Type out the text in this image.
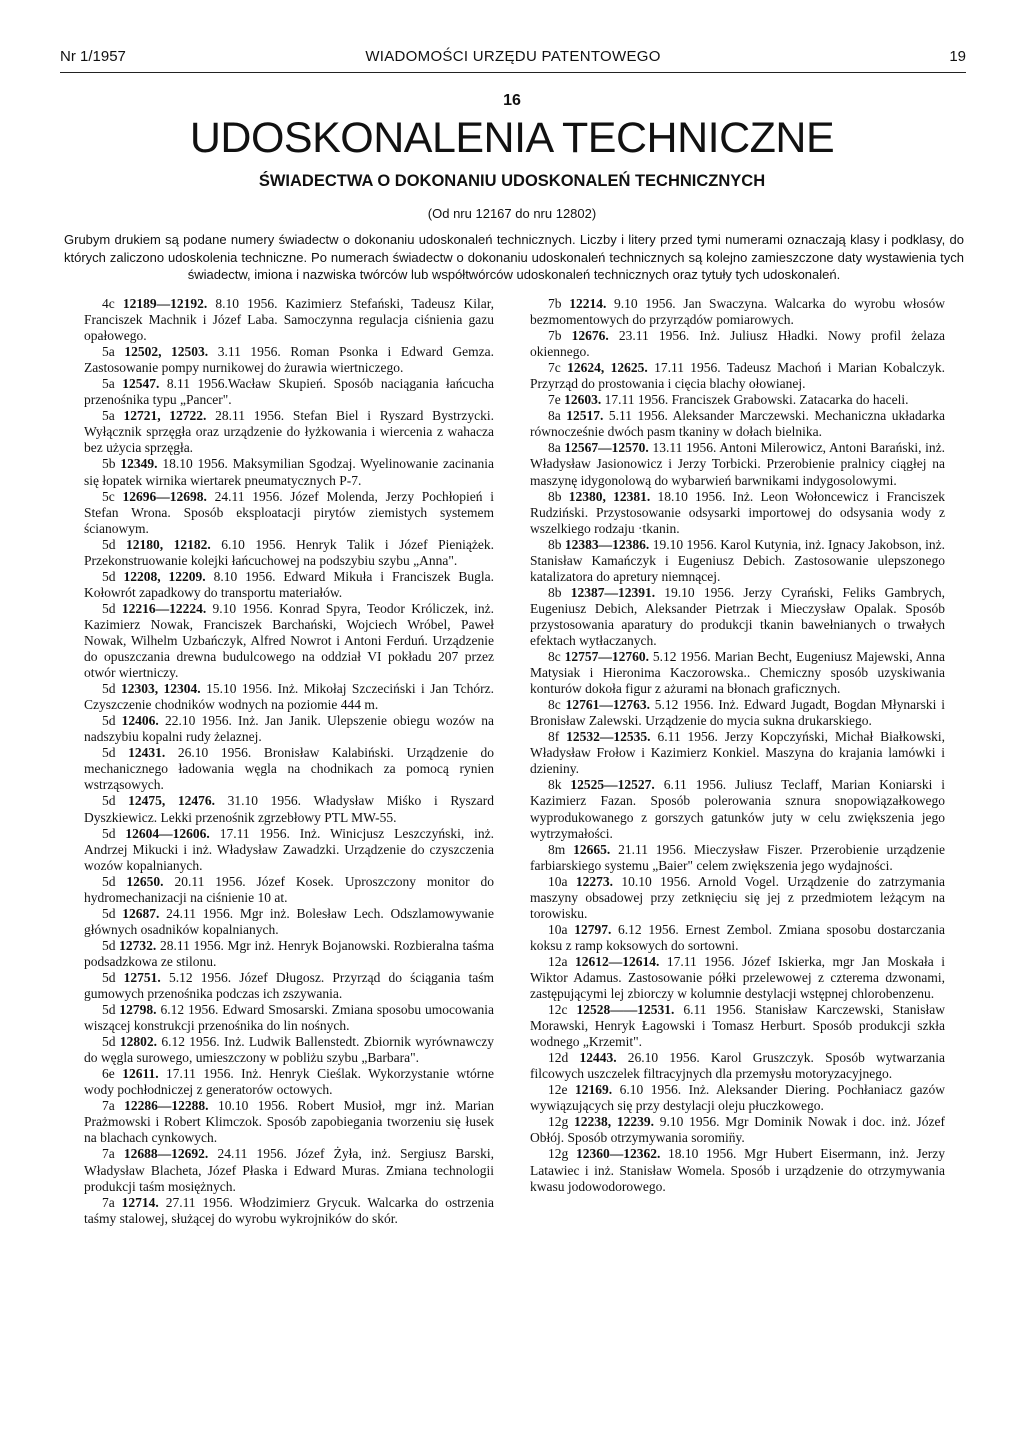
Nr 1/1957	WIADOMOŚCI URZĘDU PATENTOWEGO	19
16
UDOSKONALENIA TECHNICZNE
ŚWIADECTWA O DOKONANIU UDOSKONALEŃ TECHNICZNYCH
(Od nru 12167 do nru 12802)
Grubym drukiem są podane numery świadectw o dokonaniu udoskonaleń technicznych. Liczby i litery przed tymi numerami oznaczają klasy i podklasy, do których zaliczono udoskolenia techniczne. Po numerach świadectw o dokonaniu udoskonaleń technicznych są kolejno zamieszczone daty wystawienia tych świadectw, imiona i nazwiska twórców lub współtwórców udoskonaleń technicznych oraz tytuły tych udoskonaleń.

4c 12189—12192. 8.10 1956. Kazimierz Stefański, Tadeusz Kilar, Franciszek Machnik i Józef Laba. Samoczynna regulacja ciśnienia gazu opałowego.

5a 12502, 12503. 3.11 1956. Roman Psonka i Edward Gemza. Zastosowanie pompy nurnikowej do żurawia wiertniczego.

5a 12547. 8.11 1956.Wacław Skupień. Sposób naciągania łańcucha przenośnika typu „Pancer".

5a 12721, 12722. 28.11 1956. Stefan Biel i Ryszard Bystrzycki. Wyłącznik sprzęgła oraz urządzenie do łyżkowania i wiercenia z wahacza bez użycia sprzęgła.

5b 12349. 18.10 1956. Maksymilian Sgodzaj. Wyelinowanie zacinania się łopatek wirnika wiertarek pneumatycznych P-7.

5c 12696—12698. 24.11 1956. Józef Molenda, Jerzy Pochłopień i Stefan Wrona. Sposób eksploatacji pirytów ziemistych systemem ścianowym.

5d 12180, 12182. 6.10 1956. Henryk Talik i Józef Pieniążek. Przekonstruowanie kolejki łańcuchowej na podszybiu szybu „Anna".

5d 12208, 12209. 8.10 1956. Edward Mikuła i Franciszek Bugla. Kołowrót zapadkowy do transportu materiałów.

5d 12216—12224. 9.10 1956. Konrad Spyra, Teodor Króliczek, inż. Kazimierz Nowak, Franciszek Barchański, Wojciech Wróbel, Paweł Nowak, Wilhelm Uzbańczyk, Alfred Nowrot i Antoni Ferduń. Urządzenie do opuszczania drewna budulcowego na oddział VI pokładu 207 przez otwór wiertniczy.

5d 12303, 12304. 15.10 1956. Inż. Mikołaj Szczeciński i Jan Tchórz. Czyszczenie chodników wodnych na poziomie 444 m.

5d 12406. 22.10 1956. Inż. Jan Janik. Ulepszenie obiegu wozów na nadszybiu kopalni rudy żelaznej.

5d 12431. 26.10 1956. Bronisław Kalabiński. Urządzenie do mechanicznego ładowania węgla na chodnikach za pomocą rynien wstrząsowych.

5d 12475, 12476. 31.10 1956. Władysław Miśko i Ryszard Dyszkiewicz. Lekki przenośnik zgrzebłowy PTL MW-55.

5d 12604—12606. 17.11 1956. Inż. Winicjusz Leszczyński, inż. Andrzej Mikucki i inż. Władysław Zawadzki. Urządzenie do czyszczenia wozów kopalnianych.

5d 12650. 20.11 1956. Józef Kosek. Uproszczony monitor do hydromechanizacji na ciśnienie 10 at.

5d 12687. 24.11 1956. Mgr inż. Bolesław Lech. Odszlamowywanie głównych osadników kopalnianych.

5d 12732. 28.11 1956. Mgr inż. Henryk Bojanowski. Rozbieralna taśma podsadzkowa ze stilonu.

5d 12751. 5.12 1956. Józef Długosz. Przyrząd do ściągania taśm gumowych przenośnika podczas ich zszywania.

5d 12798. 6.12 1956. Edward Smosarski. Zmiana sposobu umocowania wiszącej konstrukcji przenośnika do lin nośnych.

5d 12802. 6.12 1956. Inż. Ludwik Ballenstedt. Zbiornik wyrównawczy do węgla surowego, umieszczony w pobliżu szybu „Barbara".

6e 12611. 17.11 1956. Inż. Henryk Cieślak. Wykorzystanie wtórne wody pochłodniczej z generatorów octowych.

7a 12286—12288. 10.10 1956. Robert Musioł, mgr inż. Marian Prażmowski i Robert Klimczok. Sposób zapobiegania tworzeniu się łusek na blachach cynkowych.

7a 12688—12692. 24.11 1956. Józef Żyła, inż. Sergiusz Barski, Władysław Blacheta, Józef Płaska i Edward Muras. Zmiana technologii produkcji taśm mosiężnych.

7a 12714. 27.11 1956. Włodzimierz Grycuk. Walcarka do ostrzenia taśmy stalowej, służącej do wyrobu wykrojników do skór.

7b 12214. 9.10 1956. Jan Swaczyna. Walcarka do wyrobu włosów bezmomentowych do przyrządów pomiarowych.

7b 12676. 23.11 1956. Inż. Juliusz Hładki. Nowy profil żelaza okiennego.

7c 12624, 12625. 17.11 1956. Tadeusz Machoń i Marian Kobalczyk. Przyrząd do prostowania i cięcia blachy ołowianej.

7e 12603. 17.11 1956. Franciszek Grabowski. Zatacarka do haceli.

8a 12517. 5.11 1956. Aleksander Marczewski. Mechaniczna układarka równocześnie dwóch pasm tkaniny w dołach bielnika.

8a 12567—12570. 13.11 1956. Antoni Milerowicz, Antoni Barański, inż. Władysław Jasionowicz i Jerzy Torbicki. Przerobienie pralnicy ciągłej na maszynę idygonolową do wybarwień barwnikami indygosolowymi.

8b 12380, 12381. 18.10 1956. Inż. Leon Wołoncewicz i Franciszek Rudziński. Przystosowanie odsysarki importowej do odsysania wody z wszelkiego rodzaju ·tkanin.

8b 12383—12386. 19.10 1956. Karol Kutynia, inż. Ignacy Jakobson, inż. Stanisław Kamańczyk i Eugeniusz Debich. Zastosowanie ulepszonego katalizatora do apretury niemnącej.

8b 12387—12391. 19.10 1956. Jerzy Cyrański, Feliks Gambrych, Eugeniusz Debich, Aleksander Pietrzak i Mieczysław Opalak. Sposób przystosowania aparatury do produkcji tkanin bawełnianych o trwałych efektach wytłaczanych.

8c 12757—12760. 5.12 1956. Marian Becht, Eugeniusz Majewski, Anna Matysiak i Hieronima Kaczorowska.. Chemiczny sposób uzyskiwania konturów dokoła figur z ażurami na błonach graficznych.

8c 12761—12763. 5.12 1956. Inż. Edward Jugadt, Bogdan Młynarski i Bronisław Zalewski. Urządzenie do mycia sukna drukarskiego.

8f 12532—12535. 6.11 1956. Jerzy Kopczyński, Michał Białkowski, Władysław Frołow i Kazimierz Konkiel. Maszyna do krajania lamówki i dzieniny.

8k 12525—12527. 6.11 1956. Juliusz Teclaff, Marian Koniarski i Kazimierz Fazan. Sposób polerowania sznura snopowiązałkowego wyprodukowanego z gorszych gatunków juty w celu zwiększenia jego wytrzymałości.

8m 12665. 21.11 1956. Mieczysław Fiszer. Przerobienie urządzenie farbiarskiego systemu „Baier" celem zwiększenia jego wydajności.

10a 12273. 10.10 1956. Arnold Vogel. Urządzenie do zatrzymania maszyny obsadowej przy zetknięciu się jej z przedmiotem leżącym na torowisku.

10a 12797. 6.12 1956. Ernest Zembol. Zmiana sposobu dostarczania koksu z ramp koksowych do sortowni.

12a 12612—12614. 17.11 1956. Józef Iskierka, mgr Jan Moskała i Wiktor Adamus. Zastosowanie półki przelewowej z czterema dzwonami, zastępującymi lej zbiorczy w kolumnie destylacji wstępnej chlorobenzenu.

12c 12528——12531. 6.11 1956. Stanisław Karczewski, Stanisław Morawski, Henryk Łagowski i Tomasz Herburt. Sposób produkcji szkła wodnego „Krzemit".

12d 12443. 26.10 1956. Karol Gruszczyk. Sposób wytwarzania filcowych uszczelek filtracyjnych dla przemysłu motoryzacyjnego.

12e 12169. 6.10 1956. Inż. Aleksander Diering. Pochłaniacz gazów wywiązujących się przy destylacji oleju płuczkowego.

12g 12238, 12239. 9.10 1956. Mgr Dominik Nowak i doc. inż. Józef Obłój. Sposób otrzymywania soromin̈y.

12g 12360—12362. 18.10 1956. Mgr Hubert Eisermann, inż. Jerzy Latawiec i inż. Stanisław Womela. Sposób i urządzenie do otrzymywania kwasu jodowodorowego.
